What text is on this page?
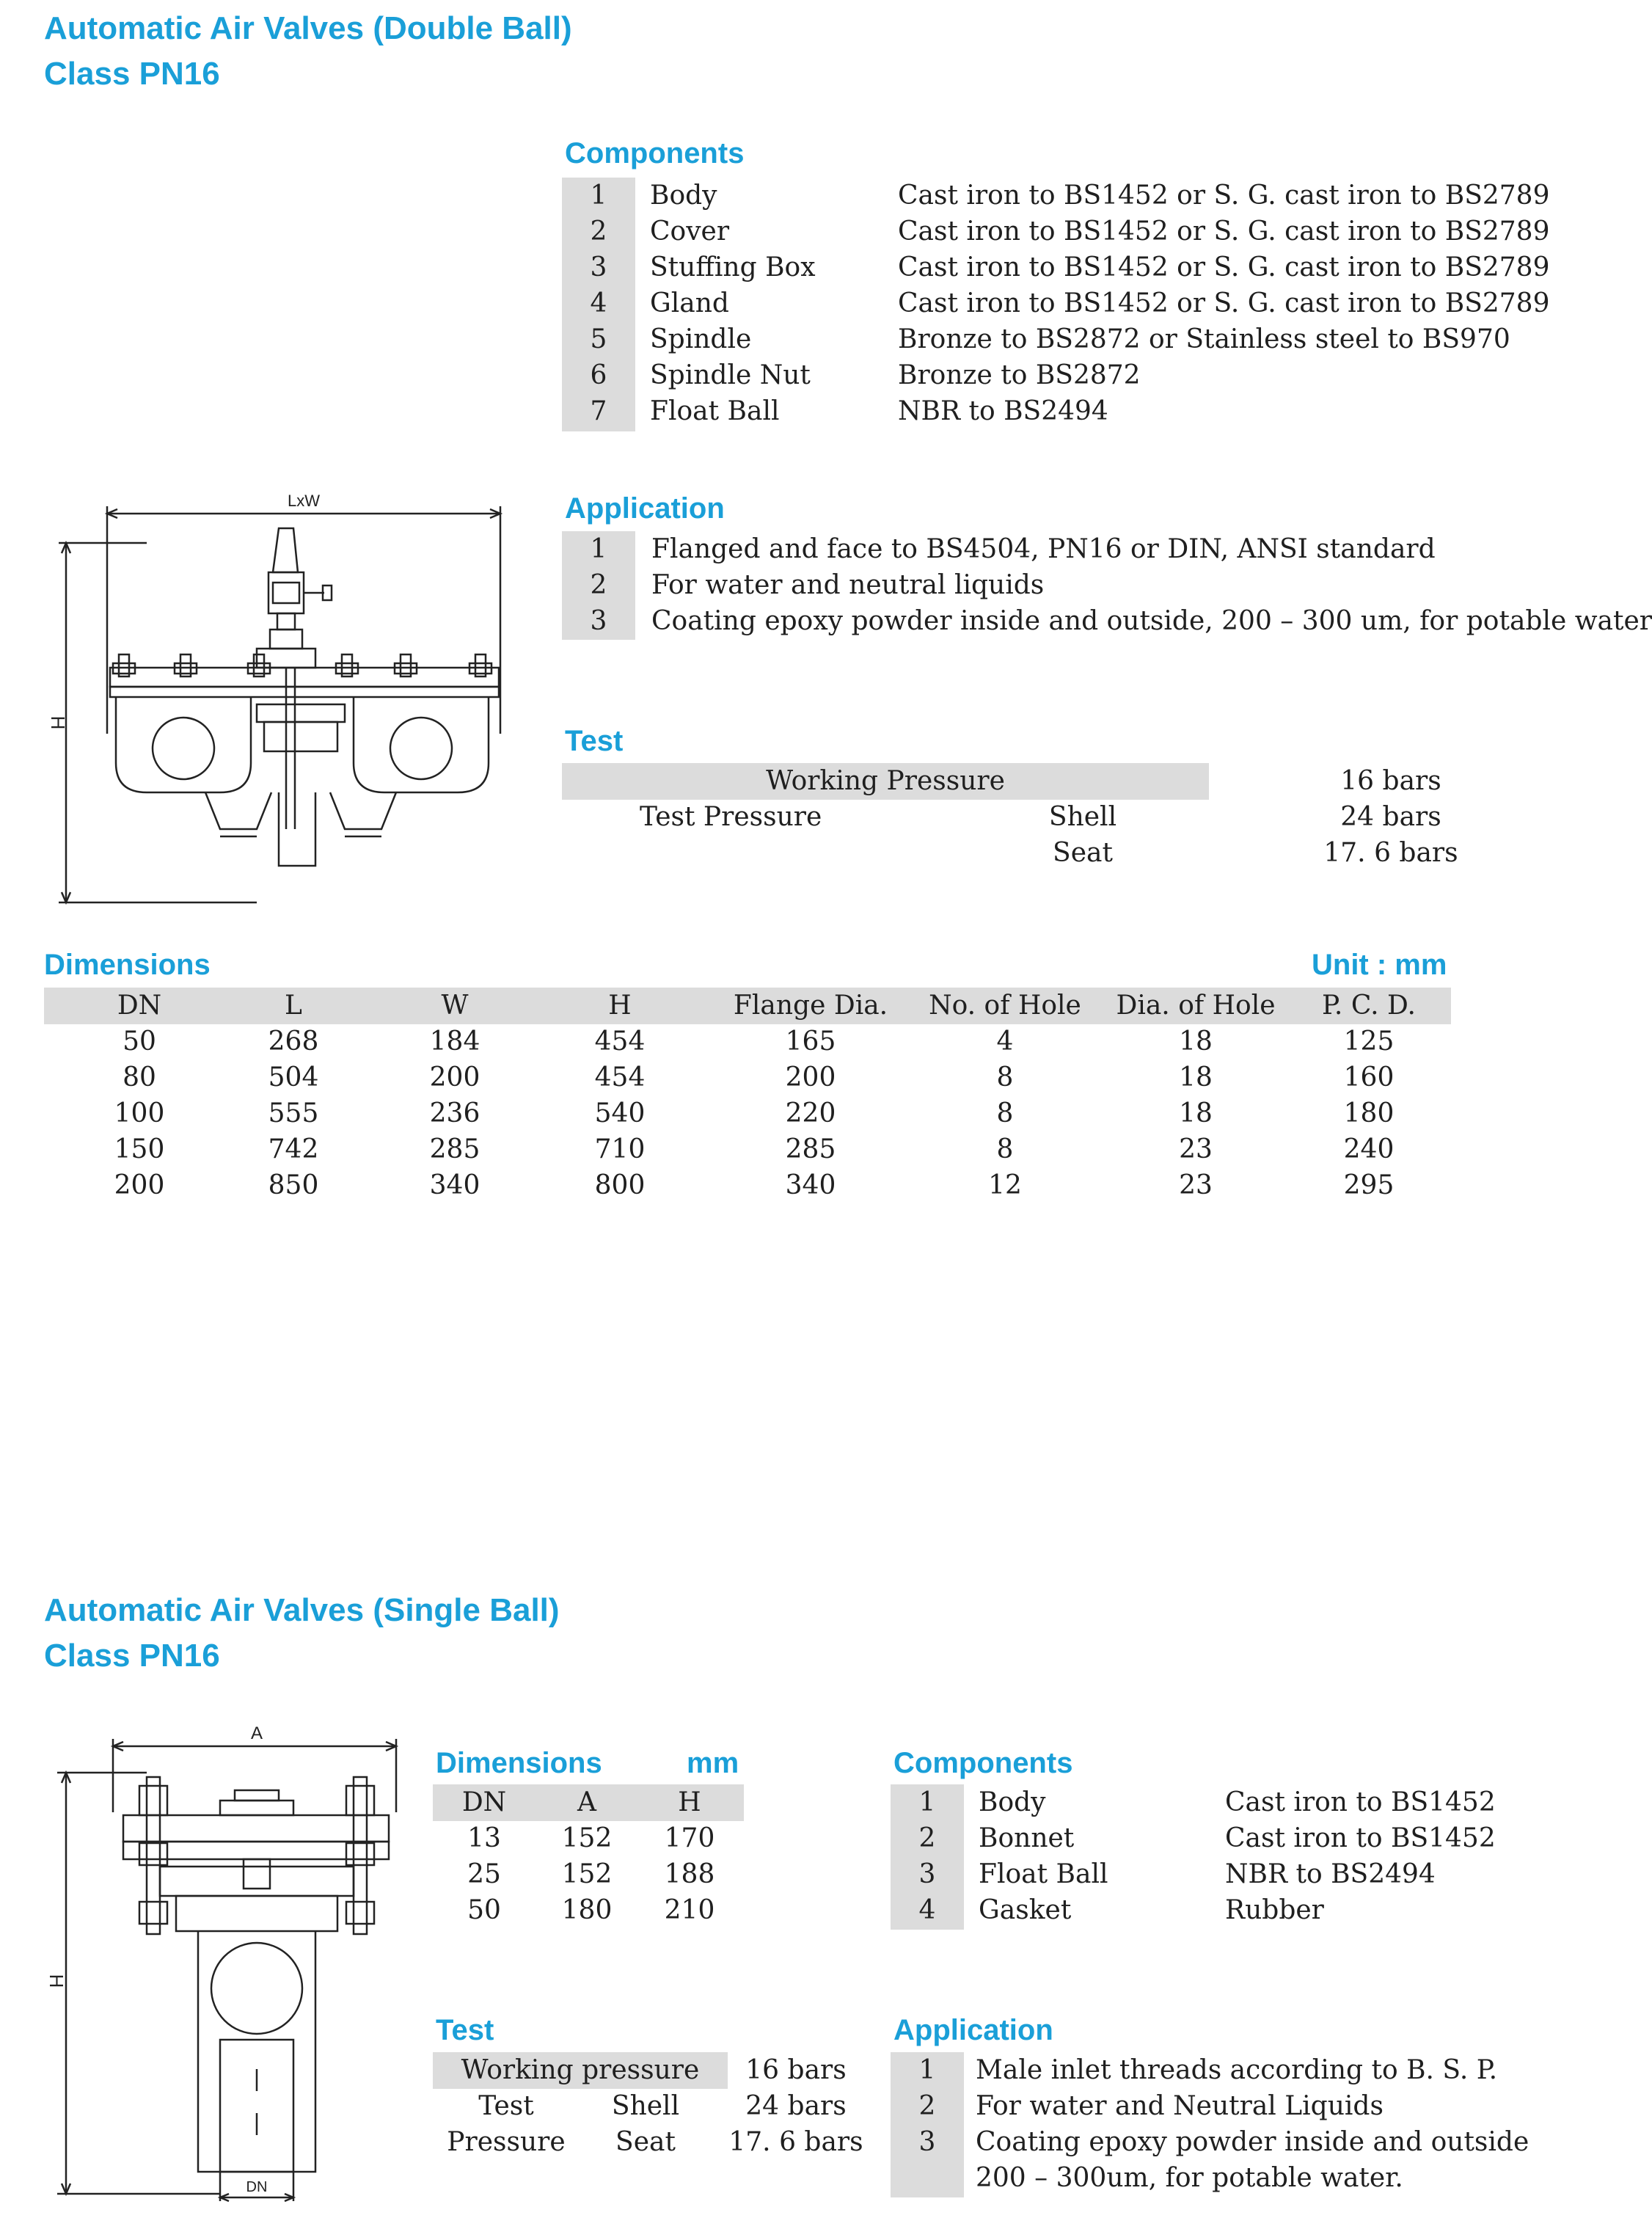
Automatic Air Valves (Double Ball)
Class PN16
Components
1	Body	Cast iron to BS1452 or S. G. cast iron to BS2789
2	Cover	Cast iron to BS1452 or S. G. cast iron to BS2789
3	Stuffing Box	Cast iron to BS1452 or S. G. cast iron to BS2789
4	Gland	Cast iron to BS1452 or S. G. cast iron to BS2789
5	Spindle	Bronze to BS2872 or Stainless steel to BS970
6	Spindle Nut	Bronze to BS2872
7	Float Ball	NBR to BS2494
Application
1	Flanged and face to BS4504, PN16 or DIN, ANSI standard
2	For water and neutral liquids
3	Coating epoxy powder inside and outside, 200 – 300 um, for potable water
Test
Working Pressure	16 bars
Test Pressure	Shell	24 bars
Seat	17. 6 bars
Dimensions	Unit : mm
DN	L	W	H	Flange Dia.	No. of Hole	Dia. of Hole	P. C. D.
50	268	184	454	165	4	18	125
80	504	200	454	200	8	18	160
100	555	236	540	220	8	18	180
150	742	285	710	285	8	23	240
200	850	340	800	340	12	23	295
LxW
H
Automatic Air Valves (Single Ball)
Class PN16
Dimensions	mm
DN	A	H
13	152	170
25	152	188
50	180	210
Components
1	Body	Cast iron to BS1452
2	Bonnet	Cast iron to BS1452
3	Float Ball	NBR to BS2494
4	Gasket	Rubber
Test
Working pressure	16 bars
Test	Shell	24 bars
Pressure	Seat	17. 6 bars
Application
1	Male inlet threads according to B. S. P.
2	For water and Neutral Liquids
3	Coating epoxy powder inside and outside
200 – 300um, for potable water.
A
H
DN
